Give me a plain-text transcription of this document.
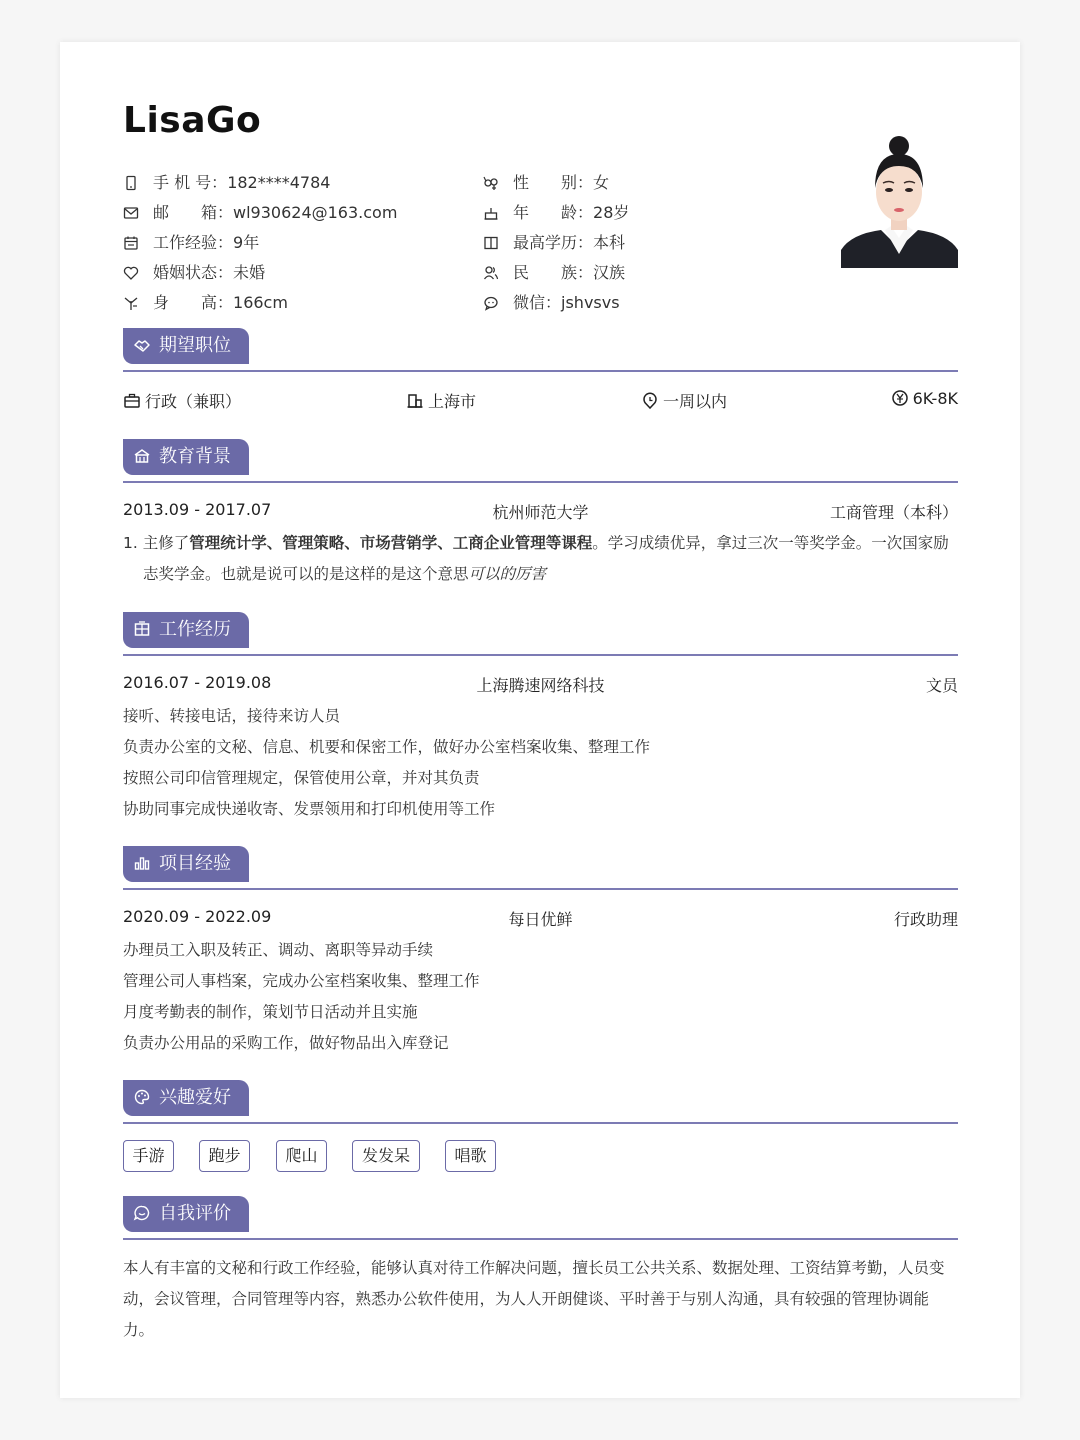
LisaGo
手 机 号：182****4784
邮　　箱：wl930624@163.com
工作经验：9年
婚姻状态：未婚
身　　高：166cm
性　　别：女
年　　龄：28岁
最高学历：本科
民　　族：汉族
微信：jshvsvs
期望职位
行政（兼职）	上海市	一周以内	6K-8K
教育背景
2013.09 - 2017.07	杭州师范大学	工商管理（本科）
1. 主修了管理统计学、管理策略、市场营销学、工商企业管理等课程。学习成绩优异，拿过三次一等奖学金。一次国家励志奖学金。也就是说可以的是这样的是这个意思可以的厉害
工作经历
2016.07 - 2019.08	上海腾速网络科技	文员
接听、转接电话，接待来访人员
负责办公室的文秘、信息、机要和保密工作，做好办公室档案收集、整理工作
按照公司印信管理规定，保管使用公章，并对其负责
协助同事完成快递收寄、发票领用和打印机使用等工作
项目经验
2020.09 - 2022.09	每日优鲜	行政助理
办理员工入职及转正、调动、离职等异动手续
管理公司人事档案，完成办公室档案收集、整理工作
月度考勤表的制作，策划节日活动并且实施
负责办公用品的采购工作，做好物品出入库登记
兴趣爱好
手游	跑步	爬山	发发呆	唱歌
自我评价
本人有丰富的文秘和行政工作经验，能够认真对待工作解决问题，擅长员工公共关系、数据处理、工资结算考勤，人员变动，会议管理，合同管理等内容，熟悉办公软件使用，为人人开朗健谈、平时善于与别人沟通，具有较强的管理协调能力。
